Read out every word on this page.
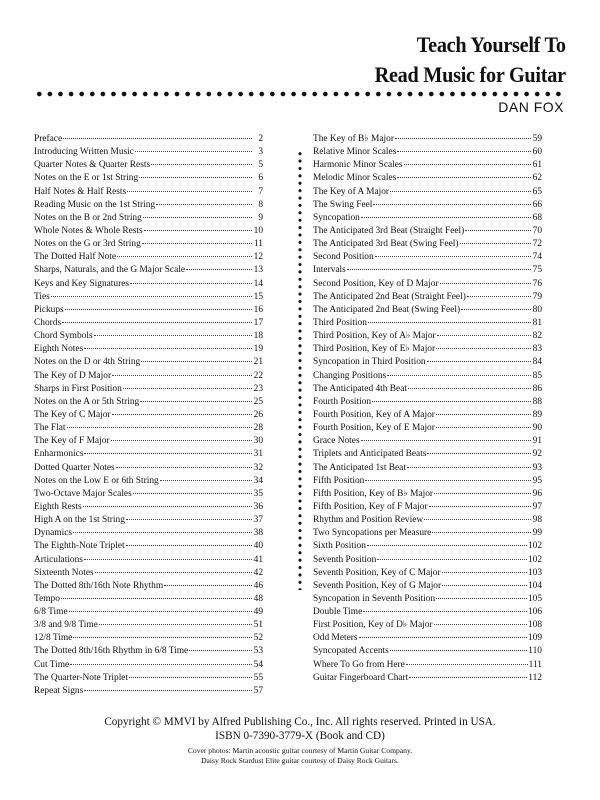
Teach Yourself To
Read Music for Guitar
DAN FOX
Preface	2
Introducing Written Music	3
Quarter Notes & Quarter Rests	5
Notes on the E or 1st String	6
Half Notes & Half Rests	7
Reading Music on the 1st String	8
Notes on the B or 2nd String	9
Whole Notes & Whole Rests	10
Notes on the G or 3rd String	11
The Dotted Half Note	12
Sharps, Naturals, and the G Major Scale	13
Keys and Key Signatures	14
Ties	15
Pickups	16
Chords	17
Chord Symbols	18
Eighth Notes	19
Notes on the D or 4th String	21
The Key of D Major	22
Sharps in First Position	23
Notes on the A or 5th String	25
The Key of C Major	26
The Flat	28
The Key of F Major	30
Enharmonics	31
Dotted Quarter Notes	32
Notes on the Low E or 6th String	34
Two-Octave Major Scales	35
Eighth Rests	36
High A on the 1st String	37
Dynamics	38
The Eighth-Note Triplet	40
Articulations	41
Sixteenth Notes	42
The Dotted 8th/16th Note Rhythm	46
Tempo	48
6/8 Time	49
3/8 and 9/8 Time	51
12/8 Time	52
The Dotted 8th/16th Rhythm in 6/8 Time	53
Cut Time	54
The Quarter-Note Triplet	55
Repeat Signs	57
The Key of B♭ Major	59
Relative Minor Scales	60
Harmonic Minor Scales	61
Melodic Minor Scales	62
The Key of A Major	65
The Swing Feel	66
Syncopation	68
The Anticipated 3rd Beat (Straight Feel)	70
The Anticipated 3rd Beat (Swing Feel)	72
Second Position	74
Intervals	75
Second Position, Key of D Major	76
The Anticipated 2nd Beat (Straight Feel)	79
The Anticipated 2nd Beat (Swing Feel)	80
Third Position	81
Third Position, Key of A♭ Major	82
Third Position, Key of E♭ Major	83
Syncopation in Third Position	84
Changing Positions	85
The Anticipated 4th Beat	86
Fourth Position	88
Fourth Position, Key of A Major	89
Fourth Position, Key of E Major	90
Grace Notes	91
Triplets and Anticipated Beats	92
The Anticipated 1st Beat	93
Fifth Position	95
Fifth Position, Key of B♭ Major	96
Fifth Position, Key of F Major	97
Rhythm and Position Review	98
Two Syncopations per Measure	99
Sixth Position	102
Seventh Position	102
Seventh Position, Key of C Major	103
Seventh Position, Key of G Major	104
Syncopation in Seventh Position	105
Double Time	106
First Position, Key of D♭ Major	108
Odd Meters	109
Syncopated Accents	110
Where To Go from Here	111
Guitar Fingerboard Chart	112
Copyright © MMVI by Alfred Publishing Co., Inc. All rights reserved. Printed in USA.
ISBN 0-7390-3779-X (Book and CD)
Cover photos: Martin acoustic guitar courtesy of Martin Guitar Company.
Daisy Rock Stardust Elite guitar courtesy of Daisy Rock Guitars.
